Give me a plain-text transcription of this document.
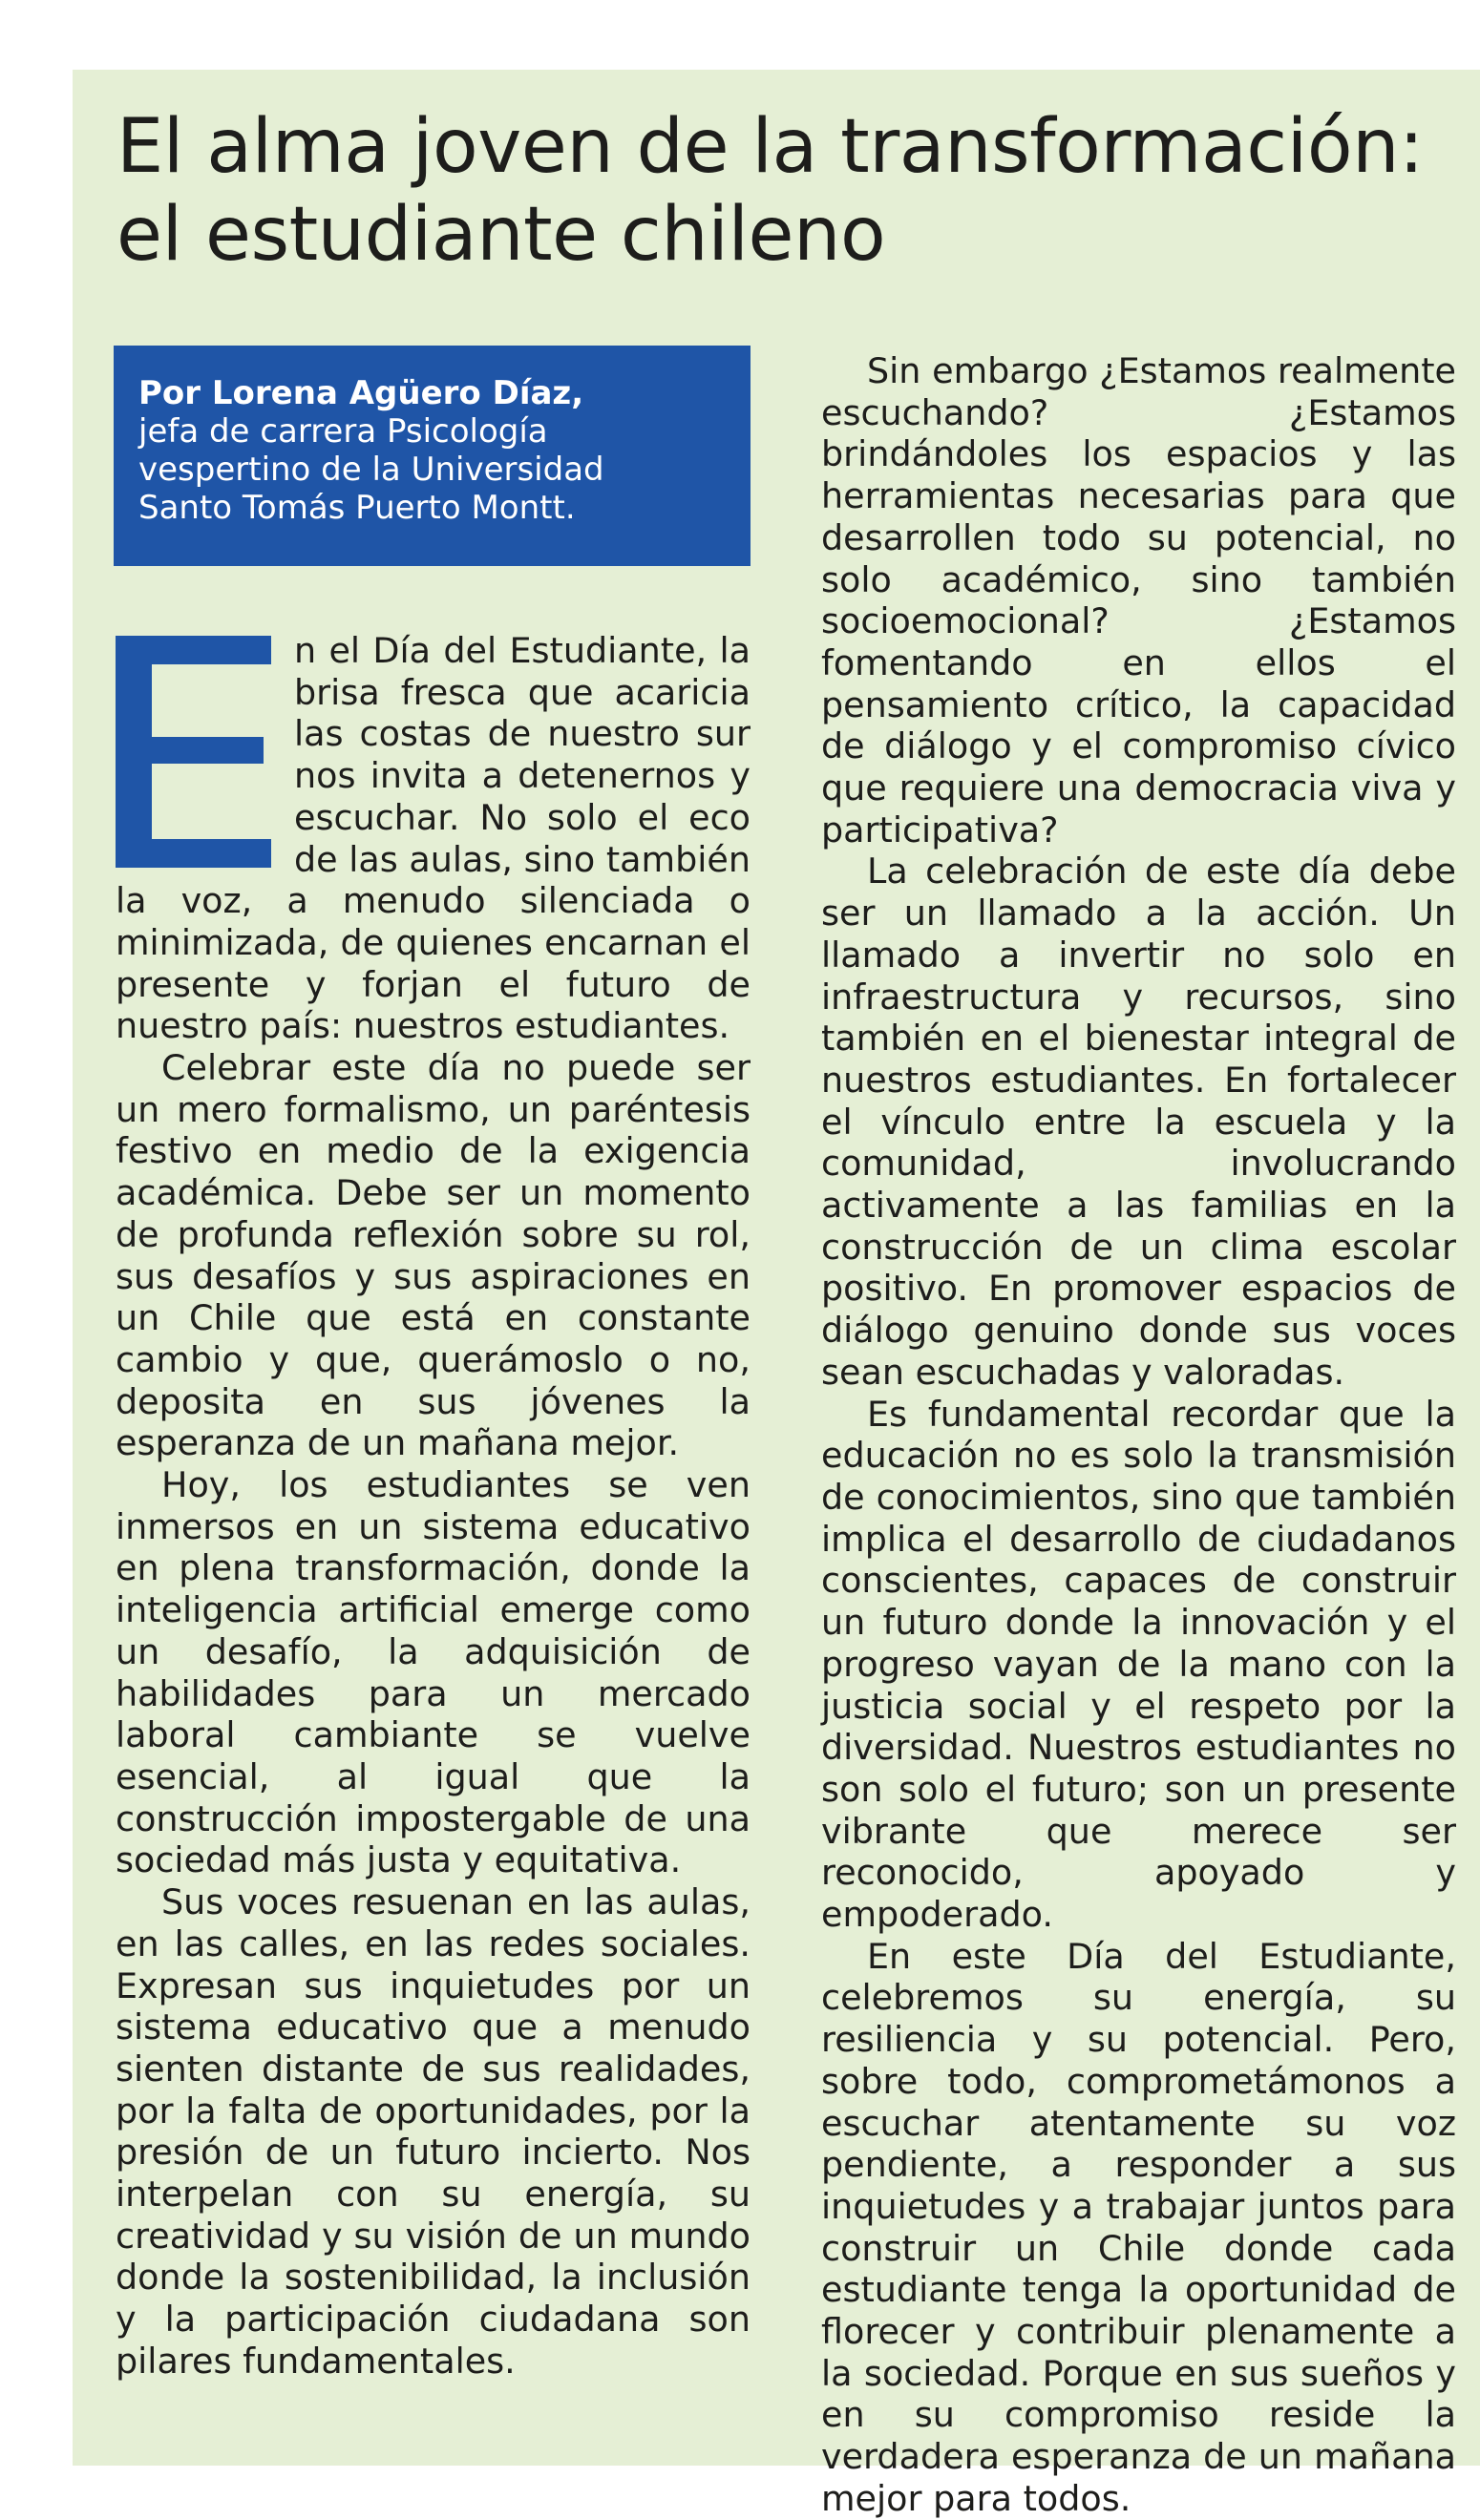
El alma joven de la transformación:
el estudiante chileno
Por Lorena Agüero Díaz,
jefa de carrera Psicología
vespertino de la Universidad
Santo Tomás Puerto Montt.

n el Día del Estudiante, la brisa fresca que acaricia las costas de nuestro sur nos invita a detenernos y escuchar. No solo el eco de las aulas, sino también la voz, a menudo silenciada o minimizada, de quienes encarnan el presente y forjan el futuro de nuestro país: nuestros estudiantes.

Celebrar este día no puede ser un mero formalismo, un paréntesis festivo en medio de la exigencia académica. Debe ser un momento de profunda reflexión sobre su rol, sus desafíos y sus aspiraciones en un Chile que está en constante cambio y que, querámoslo o no, deposita en sus jóvenes la esperanza de un mañana mejor.

Hoy, los estudiantes se ven inmersos en un sistema educativo en plena transformación, donde la inteligencia artificial emerge como un desafío, la adquisición de habilidades para un mercado laboral cambiante se vuelve esencial, al igual que la construcción impostergable de una sociedad más justa y equitativa.

Sus voces resuenan en las aulas, en las calles, en las redes sociales. Expresan sus inquietudes por un sistema educativo que a menudo sienten distante de sus realidades, por la falta de oportunidades, por la presión de un futuro incierto. Nos interpelan con su energía, su creatividad y su visión de un mundo donde la sostenibilidad, la inclusión y la participación ciudadana son pilares fundamentales.

Sin embargo ¿Estamos realmente escuchando? ¿Estamos brindándoles los espacios y las herramientas necesarias para que desarrollen todo su potencial, no solo académico, sino también socioemocional? ¿Estamos fomentando en ellos el pensamiento crítico, la capacidad de diálogo y el compromiso cívico que requiere una democracia viva y participativa?

La celebración de este día debe ser un llamado a la acción. Un llamado a invertir no solo en infraestructura y recursos, sino también en el bienestar integral de nuestros estudiantes. En fortalecer el vínculo entre la escuela y la comunidad, involucrando activamente a las familias en la construcción de un clima escolar positivo. En promover espacios de diálogo genuino donde sus voces sean escuchadas y valoradas.

Es fundamental recordar que la educación no es solo la transmisión de conocimientos, sino que también implica el desarrollo de ciudadanos conscientes, capaces de construir un futuro donde la innovación y el progreso vayan de la mano con la justicia social y el respeto por la diversidad. Nuestros estudiantes no son solo el futuro; son un presente vibrante que merece ser reconocido, apoyado y empoderado.

En este Día del Estudiante, celebremos su energía, su resiliencia y su potencial. Pero, sobre todo, comprometámonos a escuchar atentamente su voz pendiente, a responder a sus inquietudes y a trabajar juntos para construir un Chile donde cada estudiante tenga la oportunidad de florecer y contribuir plenamente a la sociedad. Porque en sus sueños y en su compromiso reside la verdadera esperanza de un mañana mejor para todos.
